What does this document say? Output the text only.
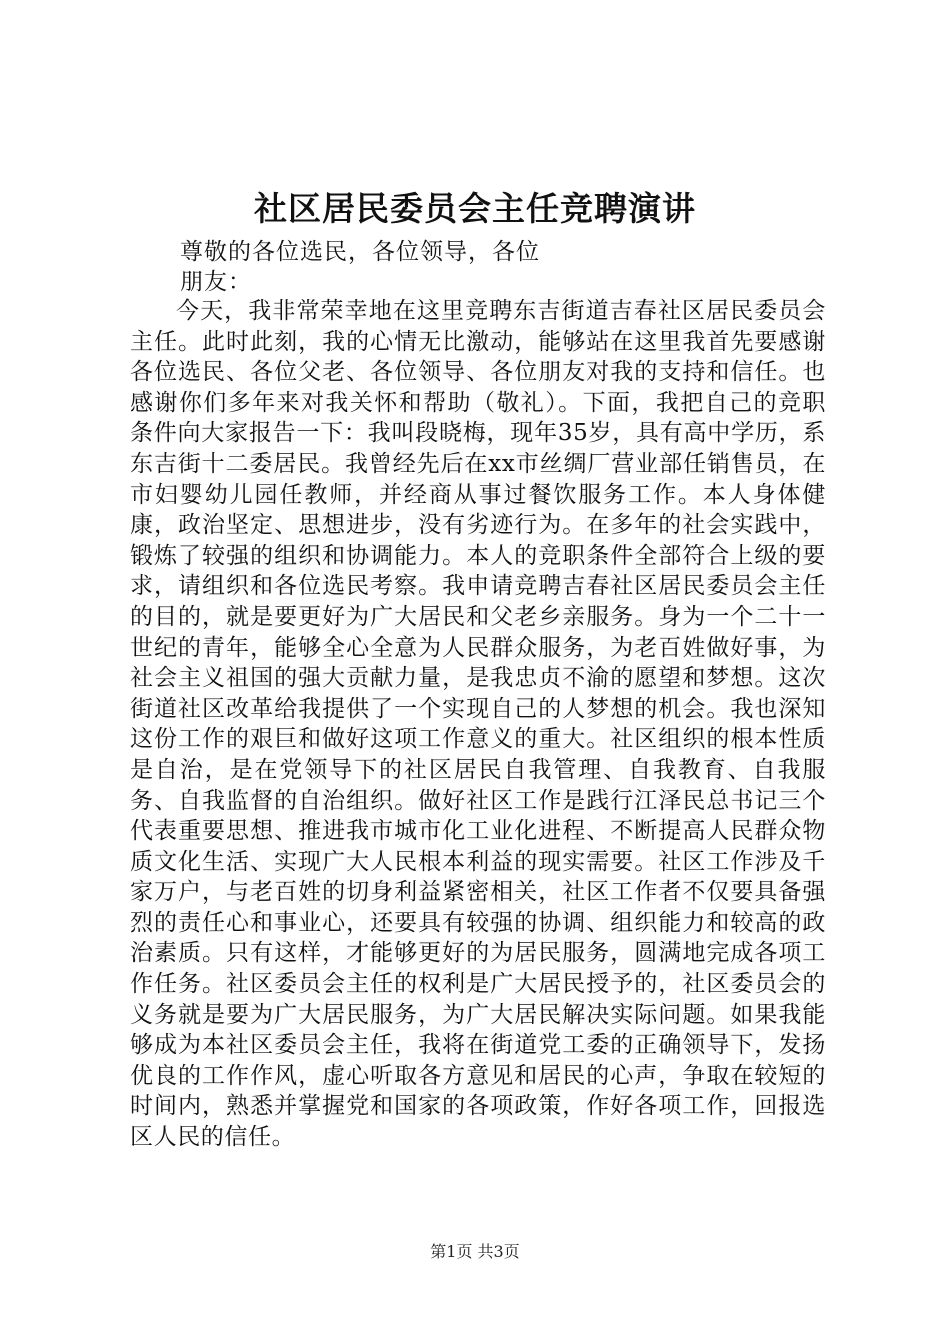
社区居民委员会主任竞聘演讲
尊敬的各位选民，各位领导，各位
朋友：

今天，我非常荣幸地在这里竞聘东吉街道吉春社区居民委员会主任。此时此刻，我的心情无比激动，能够站在这里我首先要感谢各位选民、各位父老、各位领导、各位朋友对我的支持和信任。也感谢你们多年来对我关怀和帮助（敬礼）。下面，我把自己的竞职条件向大家报告一下：我叫段晓梅，现年35岁，具有高中学历，系东吉街十二委居民。我曾经先后在xx市丝绸厂营业部任销售员，在市妇婴幼儿园任教师，并经商从事过餐饮服务工作。本人身体健康，政治坚定、思想进步，没有劣迹行为。在多年的社会实践中，锻炼了较强的组织和协调能力。本人的竞职条件全部符合上级的要求，请组织和各位选民考察。我申请竞聘吉春社区居民委员会主任的目的，就是要更好为广大居民和父老乡亲服务。身为一个二十一世纪的青年，能够全心全意为人民群众服务，为老百姓做好事，为社会主义祖国的强大贡献力量，是我忠贞不渝的愿望和梦想。这次街道社区改革给我提供了一个实现自己的人梦想的机会。我也深知这份工作的艰巨和做好这项工作意义的重大。社区组织的根本性质是自治，是在党领导下的社区居民自我管理、自我教育、自我服务、自我监督的自治组织。做好社区工作是践行江泽民总书记三个代表重要思想、推进我市城市化工业化进程、不断提高人民群众物质文化生活、实现广大人民根本利益的现实需要。社区工作涉及千家万户，与老百姓的切身利益紧密相关，社区工作者不仅要具备强烈的责任心和事业心，还要具有较强的协调、组织能力和较高的政治素质。只有这样，才能够更好的为居民服务，圆满地完成各项工作任务。社区委员会主任的权利是广大居民授予的，社区委员会的义务就是要为广大居民服务，为广大居民解决实际问题。如果我能够成为本社区委员会主任，我将在街道党工委的正确领导下，发扬优良的工作作风，虚心听取各方意见和居民的心声，争取在较短的时间内，熟悉并掌握党和国家的各项政策，作好各项工作，回报选区人民的信任。

第1页 共3页
